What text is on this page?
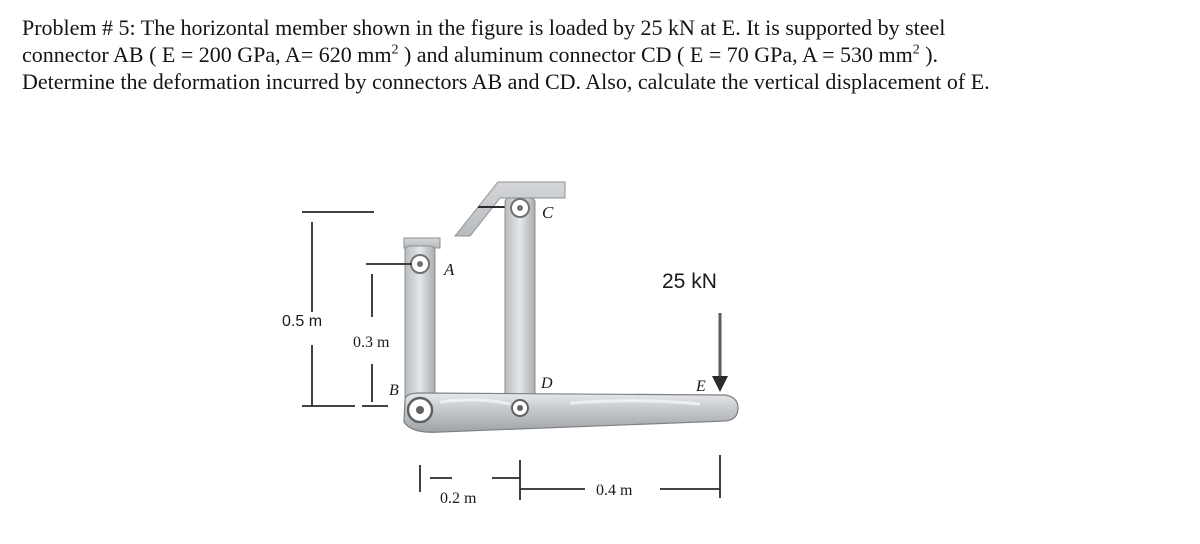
Problem # 5: The horizontal member shown in the figure is loaded by 25 kN at E. It is supported by steel
connector AB ( E = 200 GPa, A= 620 $mm^2$ ) and aluminum connector CD ( E = 70 GPa, A = 530 $mm^2$ ).
Determine the deformation incurred by connectors AB and CD. Also, calculate the vertical displacement of E.
A
C
B	D	E
25 kN
0.5 m
0.3 m
0.2 m	0.4 m
